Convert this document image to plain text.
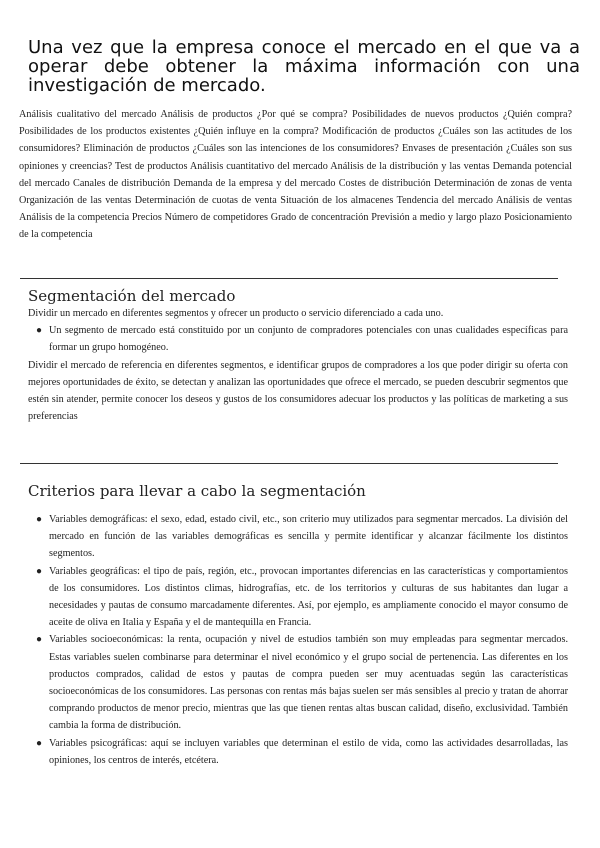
Una vez que la empresa conoce el mercado en el que va a operar debe obtener la máxima información con una investigación de mercado.

Análisis cualitativo del mercado Análisis de productos ¿Por qué se compra? Posibilidades de nuevos productos ¿Quién compra? Posibilidades de los productos existentes ¿Quién influye en la compra? Modificación de productos ¿Cuáles son las actitudes de los consumidores? Eliminación de productos ¿Cuáles son las intenciones de los consumidores? Envases de presentación ¿Cuáles son sus opiniones y creencias? Test de productos Análisis cuantitativo del mercado Análisis de la distribución y las ventas Demanda potencial del mercado Canales de distribución Demanda de la empresa y del mercado Costes de distribución Determinación de zonas de venta Organización de las ventas Determinación de cuotas de venta Situación de los almacenes Tendencia del mercado Análisis de ventas Análisis de la competencia Precios Número de competidores Grado de concentración Previsión a medio y largo plazo Posicionamiento de la competencia

Segmentación del mercado
Dividir un mercado en diferentes segmentos y ofrecer un producto o servicio diferenciado a cada uno.
● Un segmento de mercado está constituido por un conjunto de compradores potenciales con unas cualidades específicas para formar un grupo homogéneo.
Dividir el mercado de referencia en diferentes segmentos, e identificar grupos de compradores a los que poder dirigir su oferta con mejores oportunidades de éxito, se detectan y analizan las oportunidades que ofrece el mercado, se pueden descubrir segmentos que estén sin atender, permite conocer los deseos y gustos de los consumidores adecuar los productos y las políticas de marketing a sus preferencias
Criterios para llevar a cabo la segmentación
● Variables demográficas: el sexo, edad, estado civil, etc., son criterio muy utilizados para segmentar mercados. La división del mercado en función de las variables demográficas es sencilla y permite identificar y alcanzar fácilmente los distintos segmentos.
● Variables geográficas: el tipo de país, región, etc., provocan importantes diferencias en las características y comportamientos de los consumidores. Los distintos climas, hidrografías, etc. de los territorios y culturas de sus habitantes dan lugar a necesidades y pautas de consumo marcadamente diferentes. Así, por ejemplo, es ampliamente conocido el mayor consumo de aceite de oliva en Italia y España y el de mantequilla en Francia.
● Variables socioeconómicas: la renta, ocupación y nivel de estudios también son muy empleadas para segmentar mercados. Estas variables suelen combinarse para determinar el nivel económico y el grupo social de pertenencia. Las diferentes en los productos comprados, calidad de estos y pautas de compra pueden ser muy acentuadas según las características socioeconómicas de los consumidores. Las personas con rentas más bajas suelen ser más sensibles al precio y tratan de ahorrar comprando productos de menor precio, mientras que las que tienen rentas altas buscan calidad, diseño, exclusividad. También cambia la forma de distribución.
● Variables psicográficas: aquí se incluyen variables que determinan el estilo de vida, como las actividades desarrolladas, las opiniones, los centros de interés, etcétera.
